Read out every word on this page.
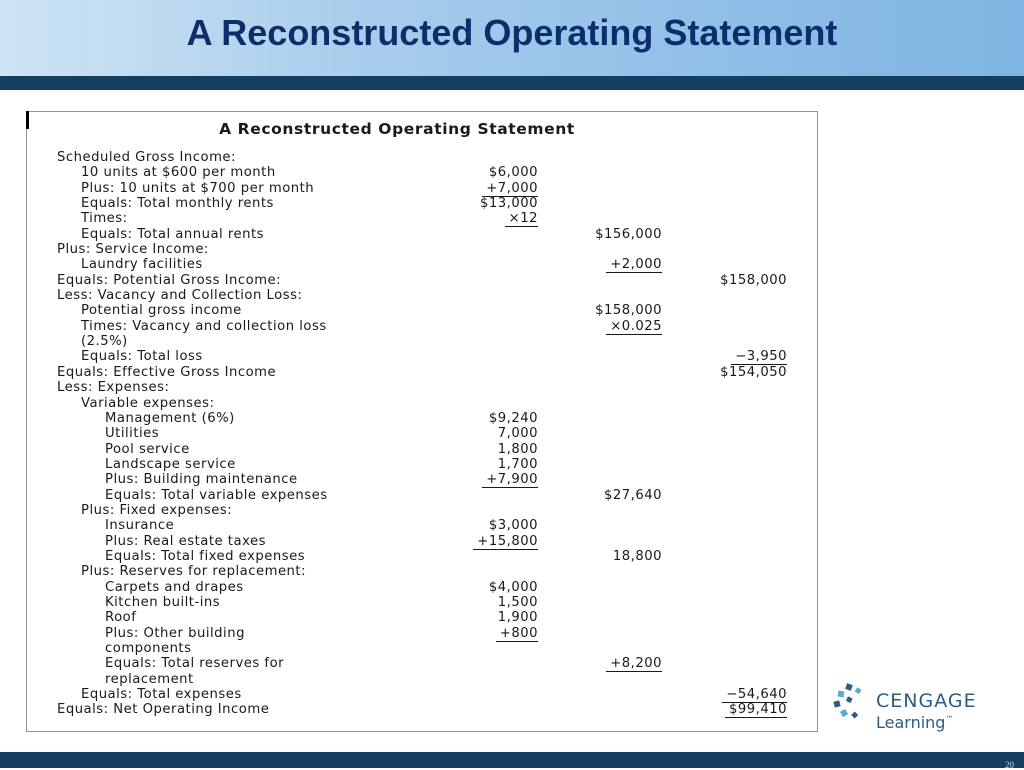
A Reconstructed Operating Statement
A Reconstructed Operating Statement
Scheduled Gross Income:
10 units at $600 per month	$6,000
Plus: 10 units at $700 per month	+7,000
Equals: Total monthly rents	$13,000
Times:	×12
Equals: Total annual rents	$156,000
Plus: Service Income:
Laundry facilities	+2,000
Equals: Potential Gross Income:	$158,000
Less: Vacancy and Collection Loss:
Potential gross income	$158,000
Times: Vacancy and collection loss	×0.025
(2.5%)
Equals: Total loss	−3,950
Equals: Effective Gross Income	$154,050
Less: Expenses:
Variable expenses:
Management (6%)	$9,240
Utilities	7,000
Pool service	1,800
Landscape service	1,700
Plus: Building maintenance	+7,900
Equals: Total variable expenses	$27,640
Plus: Fixed expenses:
Insurance	$3,000
Plus: Real estate taxes	+15,800
Equals: Total fixed expenses	18,800
Plus: Reserves for replacement:
Carpets and drapes	$4,000
Kitchen built-ins	1,500
Roof	1,900
Plus: Other building	+800
components
Equals: Total reserves for	+8,200
replacement
Equals: Total expenses	−54,640
Equals: Net Operating Income	$99,410	CENGAGE
Learning™
20
